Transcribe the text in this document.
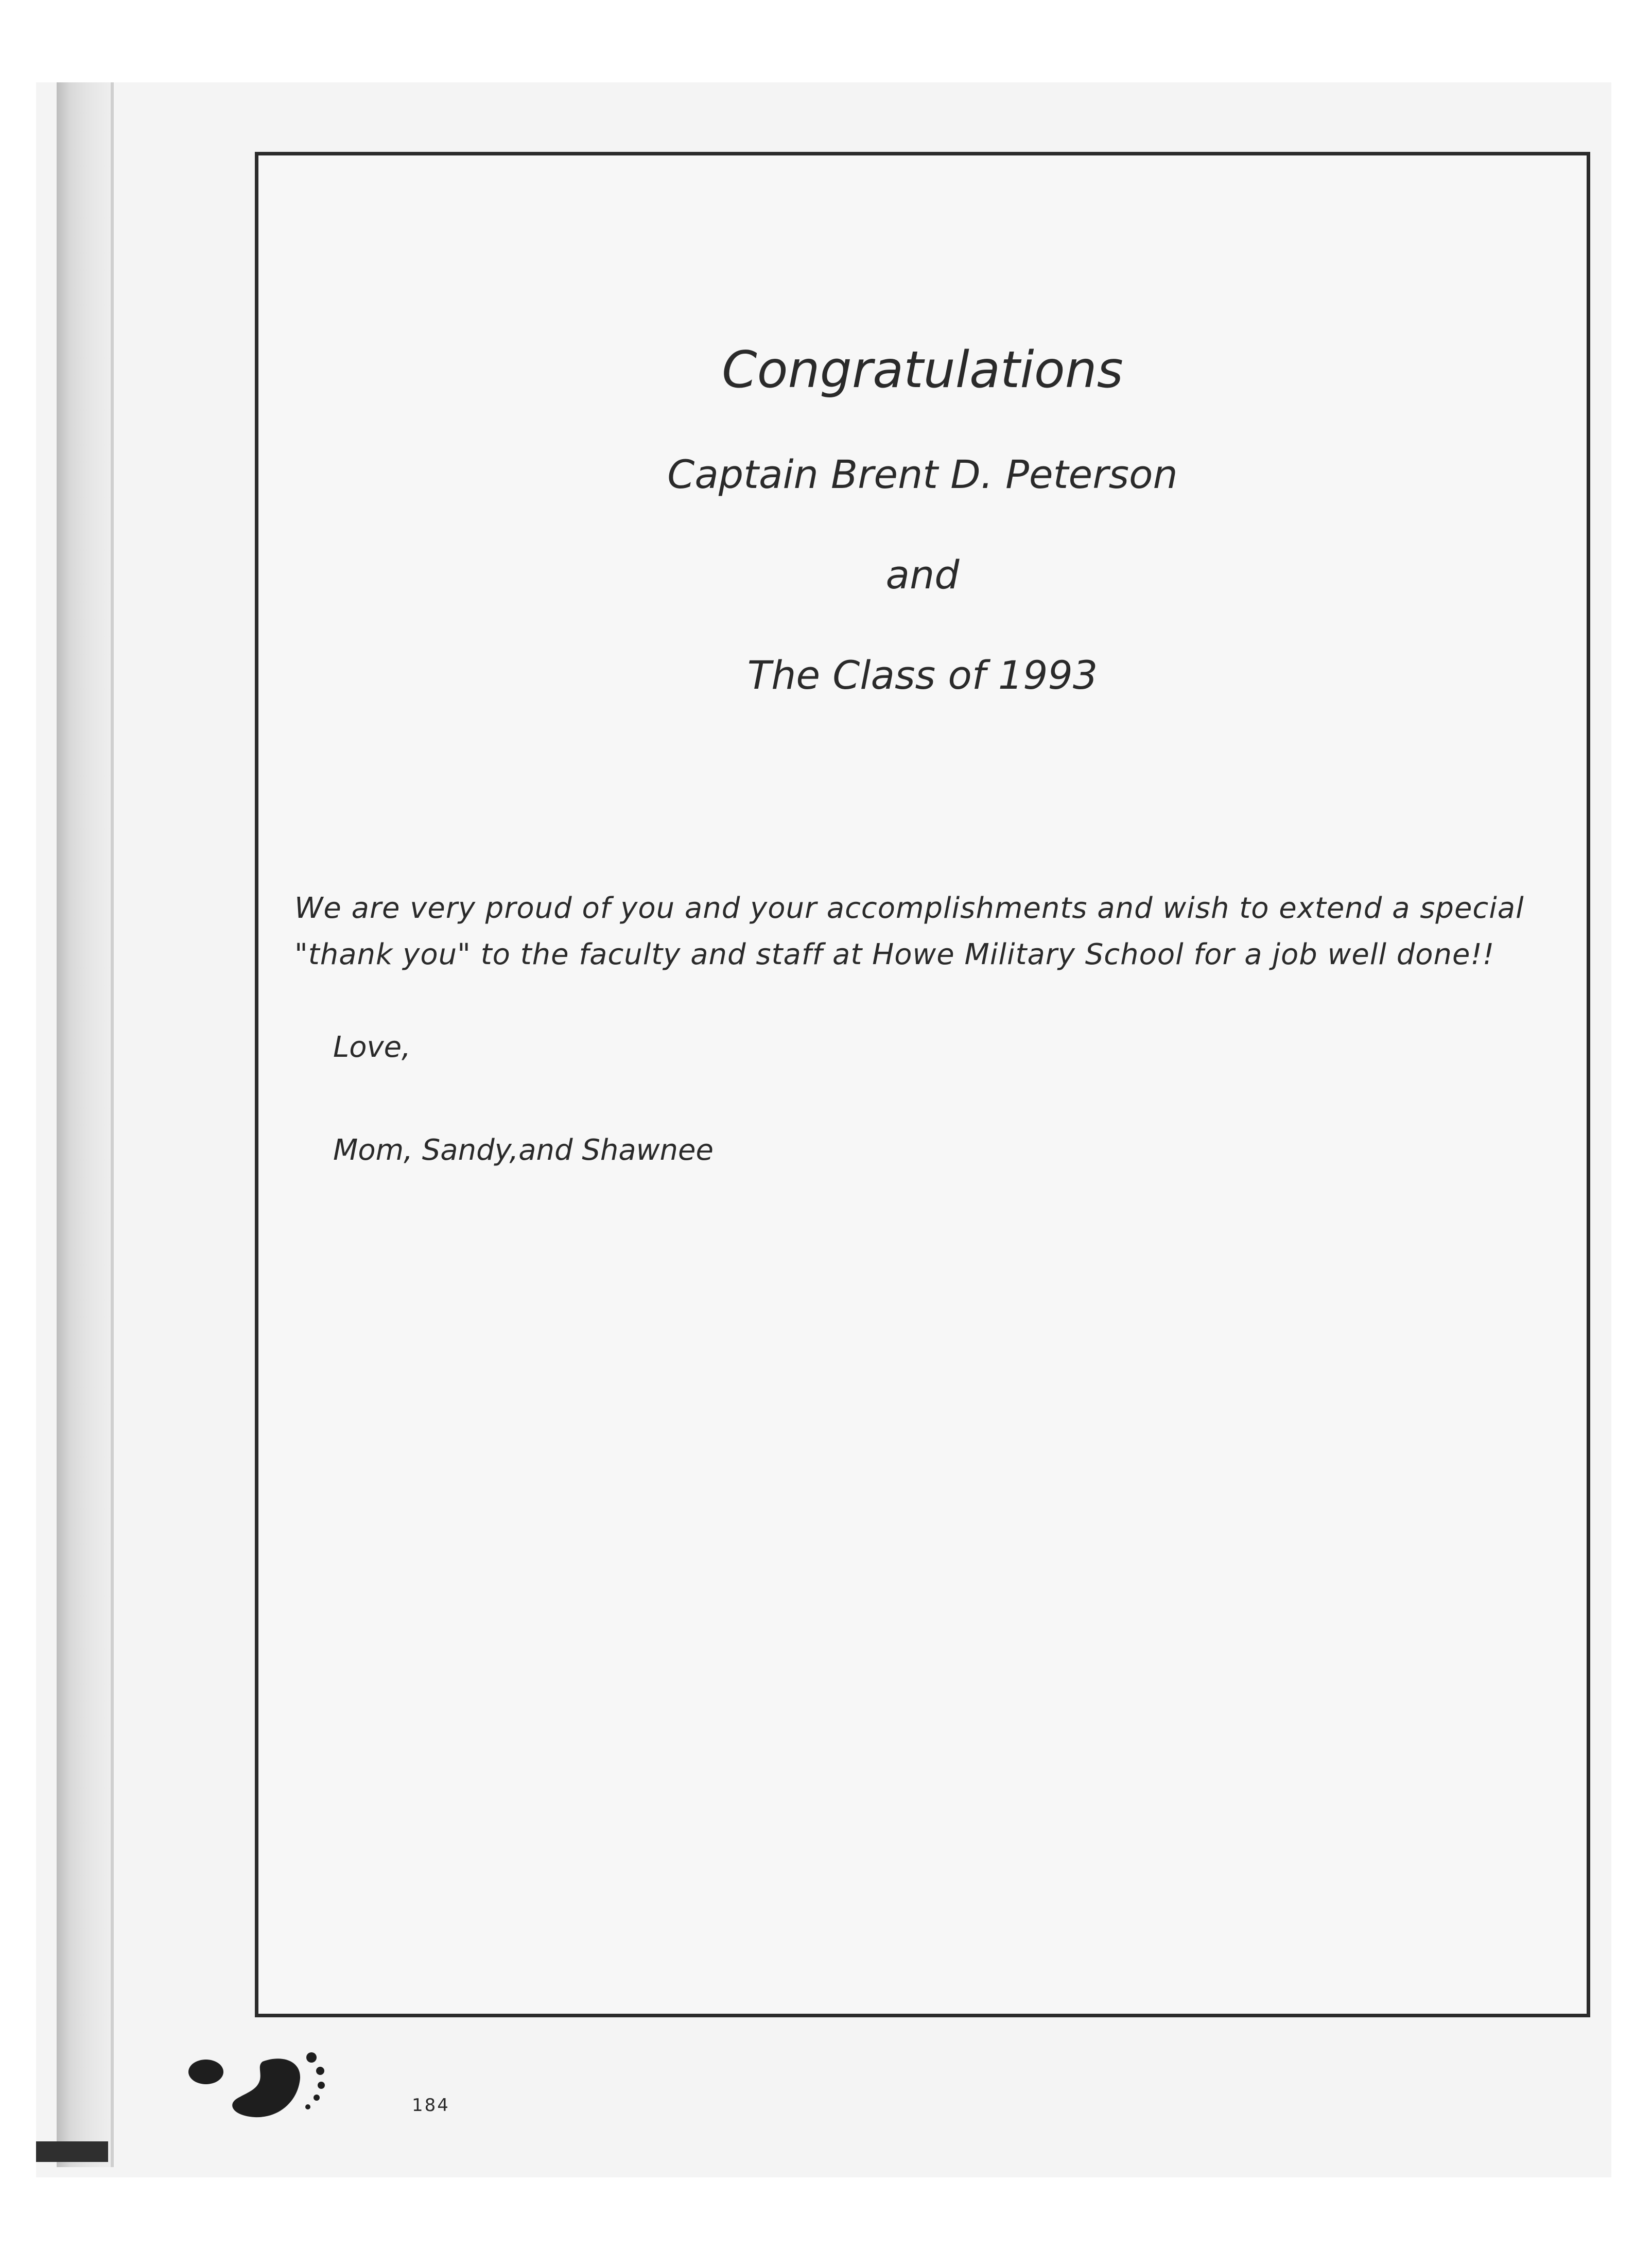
Congratulations
Captain Brent D. Peterson
and
The Class of 1993
We are very proud of you and your accomplishments and wish to extend a special
"thank you" to the faculty and staff at Howe Military School for a job well done!!
Love,
Mom, Sandy,and Shawnee
184
